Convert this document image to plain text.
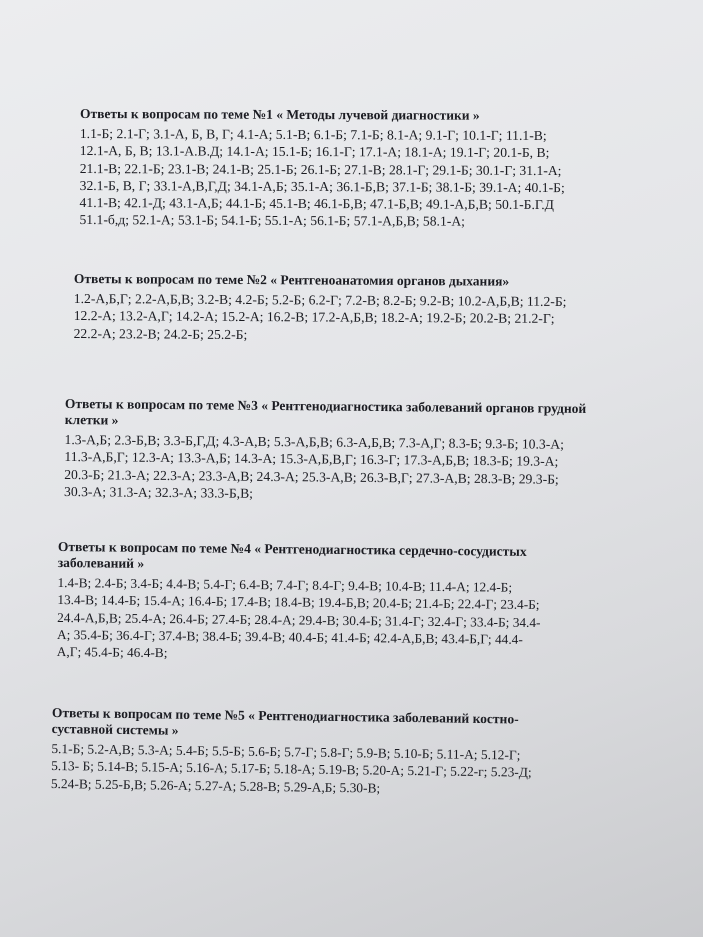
Ответы к вопросам по теме №1 « Методы лучевой диагностики »
1.1-Б; 2.1-Г; 3.1-А, Б, В, Г; 4.1-А; 5.1-В; 6.1-Б; 7.1-Б; 8.1-А; 9.1-Г; 10.1-Г; 11.1-В;
12.1-А, Б, В; 13.1-А.В.Д; 14.1-А; 15.1-Б; 16.1-Г; 17.1-А; 18.1-А; 19.1-Г; 20.1-Б, В;
21.1-В; 22.1-Б; 23.1-В; 24.1-В; 25.1-Б; 26.1-Б; 27.1-В; 28.1-Г; 29.1-Б; 30.1-Г; 31.1-А;
32.1-Б, В, Г; 33.1-А,В,Г,Д; 34.1-А,Б; 35.1-А; 36.1-Б,В; 37.1-Б; 38.1-Б; 39.1-А; 40.1-Б;
41.1-В; 42.1-Д; 43.1-А,Б; 44.1-Б; 45.1-В; 46.1-Б,В; 47.1-Б,В; 49.1-А,Б,В; 50.1-Б.Г.Д
51.1-б,д; 52.1-А; 53.1-Б; 54.1-Б; 55.1-А; 56.1-Б; 57.1-А,Б,В; 58.1-А;
Ответы к вопросам по теме №2 « Рентгеноанатомия органов дыхания»
1.2-А,Б,Г; 2.2-А,Б,В; 3.2-В; 4.2-Б; 5.2-Б; 6.2-Г; 7.2-В; 8.2-Б; 9.2-В; 10.2-А,Б,В; 11.2-Б;
12.2-А; 13.2-А,Г; 14.2-А; 15.2-А; 16.2-В; 17.2-А,Б,В; 18.2-А; 19.2-Б; 20.2-В; 21.2-Г;
22.2-А; 23.2-В; 24.2-Б; 25.2-Б;
Ответы к вопросам по теме №3 « Рентгенодиагностика заболеваний органов грудной
клетки »
1.3-А,Б; 2.3-Б,В; 3.3-Б,Г,Д; 4.3-А,В; 5.3-А,Б,В; 6.3-А,Б,В; 7.3-А,Г; 8.3-Б; 9.3-Б; 10.3-А;
11.3-А,Б,Г; 12.3-А; 13.3-А,Б; 14.3-А; 15.3-А,Б,В,Г; 16.3-Г; 17.3-А,Б,В; 18.3-Б; 19.3-А;
20.3-Б; 21.3-А; 22.3-А; 23.3-А,В; 24.3-А; 25.3-А,В; 26.3-В,Г; 27.3-А,В; 28.3-В; 29.3-Б;
30.3-А; 31.3-А; 32.3-А; 33.3-Б,В;
Ответы к вопросам по теме №4 « Рентгенодиагностика сердечно-сосудистых
заболеваний »
1.4-В; 2.4-Б; 3.4-Б; 4.4-В; 5.4-Г; 6.4-В; 7.4-Г; 8.4-Г; 9.4-В; 10.4-В; 11.4-А; 12.4-Б;
13.4-В; 14.4-Б; 15.4-А; 16.4-Б; 17.4-В; 18.4-В; 19.4-Б,В; 20.4-Б; 21.4-Б; 22.4-Г; 23.4-Б;
24.4-А,Б,В; 25.4-А; 26.4-Б; 27.4-Б; 28.4-А; 29.4-В; 30.4-Б; 31.4-Г; 32.4-Г; 33.4-Б; 34.4-
А; 35.4-Б; 36.4-Г; 37.4-В; 38.4-Б; 39.4-В; 40.4-Б; 41.4-Б; 42.4-А,Б,В; 43.4-Б,Г; 44.4-
А,Г; 45.4-Б; 46.4-В;
Ответы к вопросам по теме №5 « Рентгенодиагностика заболеваний костно-
суставной системы »
5.1-Б; 5.2-А,В; 5.3-А; 5.4-Б; 5.5-Б; 5.6-Б; 5.7-Г; 5.8-Г; 5.9-В; 5.10-Б; 5.11-А; 5.12-Г;
5.13- Б; 5.14-В; 5.15-А; 5.16-А; 5.17-Б; 5.18-А; 5.19-В; 5.20-А; 5.21-Г; 5.22-г; 5.23-Д;
5.24-В; 5.25-Б,В; 5.26-А; 5.27-А; 5.28-В; 5.29-А,Б; 5.30-В;
